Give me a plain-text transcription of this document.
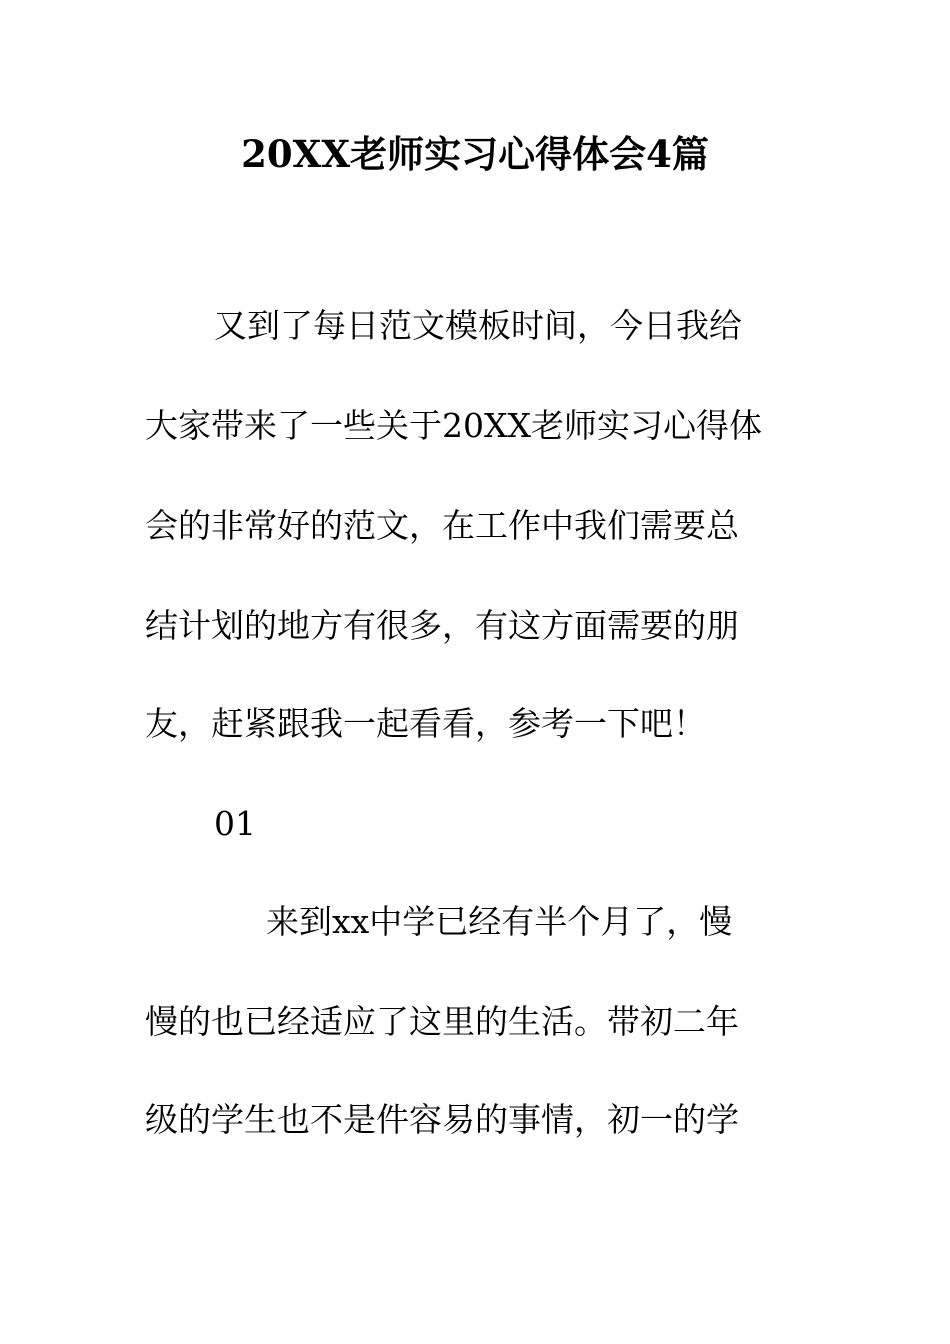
20XX老师实习心得体会4篇

又到了每日范文模板时间，今日我给

大家带来了一些关于20XX老师实习心得体

会的非常好的范文，在工作中我们需要总

结计划的地方有很多，有这方面需要的朋

友，赶紧跟我一起看看，参考一下吧！

01

来到xx中学已经有半个月了，慢

慢的也已经适应了这里的生活。带初二年

级的学生也不是件容易的事情，初一的学
